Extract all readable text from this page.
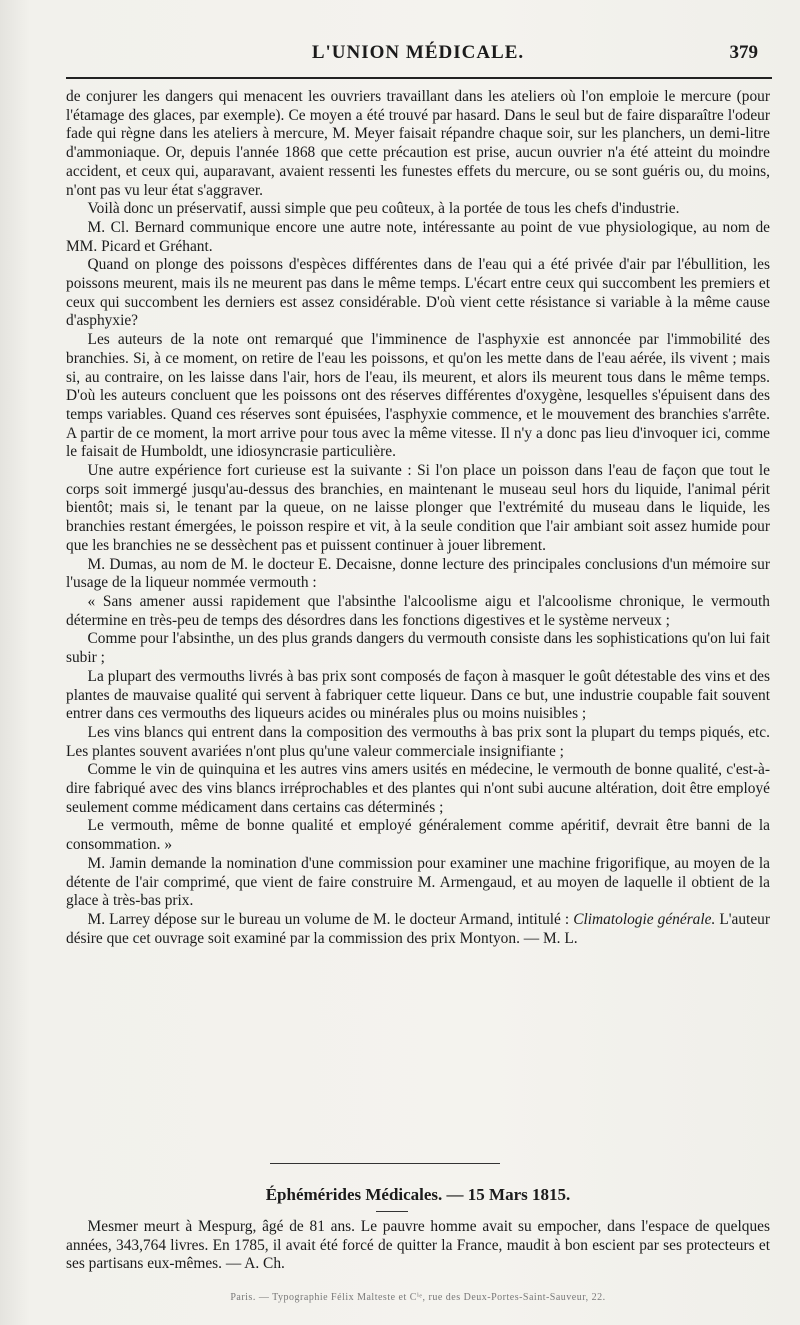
L'UNION MÉDICALE.	379

de conjurer les dangers qui menacent les ouvriers travaillant dans les ateliers où l'on emploie le mercure (pour l'étamage des glaces, par exemple). Ce moyen a été trouvé par hasard. Dans le seul but de faire disparaître l'odeur fade qui règne dans les ateliers à mercure, M. Meyer faisait répandre chaque soir, sur les planchers, un demi-litre d'ammoniaque. Or, depuis l'année 1868 que cette précaution est prise, aucun ouvrier n'a été atteint du moindre accident, et ceux qui, auparavant, avaient ressenti les funestes effets du mercure, ou se sont guéris ou, du moins, n'ont pas vu leur état s'aggraver.

Voilà donc un préservatif, aussi simple que peu coûteux, à la portée de tous les chefs d'industrie.

M. Cl. Bernard communique encore une autre note, intéressante au point de vue physiologique, au nom de MM. Picard et Gréhant.

Quand on plonge des poissons d'espèces différentes dans de l'eau qui a été privée d'air par l'ébullition, les poissons meurent, mais ils ne meurent pas dans le même temps. L'écart entre ceux qui succombent les premiers et ceux qui succombent les derniers est assez considérable. D'où vient cette résistance si variable à la même cause d'asphyxie?

Les auteurs de la note ont remarqué que l'imminence de l'asphyxie est annoncée par l'immobilité des branchies. Si, à ce moment, on retire de l'eau les poissons, et qu'on les mette dans de l'eau aérée, ils vivent ; mais si, au contraire, on les laisse dans l'air, hors de l'eau, ils meurent, et alors ils meurent tous dans le même temps. D'où les auteurs concluent que les poissons ont des réserves différentes d'oxygène, lesquelles s'épuisent dans des temps variables. Quand ces réserves sont épuisées, l'asphyxie commence, et le mouvement des branchies s'arrête. A partir de ce moment, la mort arrive pour tous avec la même vitesse. Il n'y a donc pas lieu d'invoquer ici, comme le faisait de Humboldt, une idiosyncrasie particulière.

Une autre expérience fort curieuse est la suivante : Si l'on place un poisson dans l'eau de façon que tout le corps soit immergé jusqu'au-dessus des branchies, en maintenant le museau seul hors du liquide, l'animal périt bientôt; mais si, le tenant par la queue, on ne laisse plonger que l'extrémité du museau dans le liquide, les branchies restant émergées, le poisson respire et vit, à la seule condition que l'air ambiant soit assez humide pour que les branchies ne se dessèchent pas et puissent continuer à jouer librement.

M. Dumas, au nom de M. le docteur E. Decaisne, donne lecture des principales conclusions d'un mémoire sur l'usage de la liqueur nommée vermouth :

« Sans amener aussi rapidement que l'absinthe l'alcoolisme aigu et l'alcoolisme chronique, le vermouth détermine en très-peu de temps des désordres dans les fonctions digestives et le système nerveux ;

Comme pour l'absinthe, un des plus grands dangers du vermouth consiste dans les sophistications qu'on lui fait subir ;

La plupart des vermouths livrés à bas prix sont composés de façon à masquer le goût détestable des vins et des plantes de mauvaise qualité qui servent à fabriquer cette liqueur. Dans ce but, une industrie coupable fait souvent entrer dans ces vermouths des liqueurs acides ou minérales plus ou moins nuisibles ;

Les vins blancs qui entrent dans la composition des vermouths à bas prix sont la plupart du temps piqués, etc. Les plantes souvent avariées n'ont plus qu'une valeur commerciale insignifiante ;

Comme le vin de quinquina et les autres vins amers usités en médecine, le vermouth de bonne qualité, c'est-à-dire fabriqué avec des vins blancs irréprochables et des plantes qui n'ont subi aucune altération, doit être employé seulement comme médicament dans certains cas déterminés ;

Le vermouth, même de bonne qualité et employé généralement comme apéritif, devrait être banni de la consommation. »

M. Jamin demande la nomination d'une commission pour examiner une machine frigorifique, au moyen de la détente de l'air comprimé, que vient de faire construire M. Armengaud, et au moyen de laquelle il obtient de la glace à très-bas prix.

M. Larrey dépose sur le bureau un volume de M. le docteur Armand, intitulé : Climatologie générale. L'auteur désire que cet ouvrage soit examiné par la commission des prix Montyon. — M. L.

Éphémérides Médicales. — 15 Mars 1815.

Mesmer meurt à Mespurg, âgé de 81 ans. Le pauvre homme avait su empocher, dans l'espace de quelques années, 343,764 livres. En 1785, il avait été forcé de quitter la France, maudit à bon escient par ses protecteurs et ses partisans eux-mêmes. — A. Ch.

Paris. — Typographie Félix Malteste et Cⁱᵉ, rue des Deux-Portes-Saint-Sauveur, 22.
